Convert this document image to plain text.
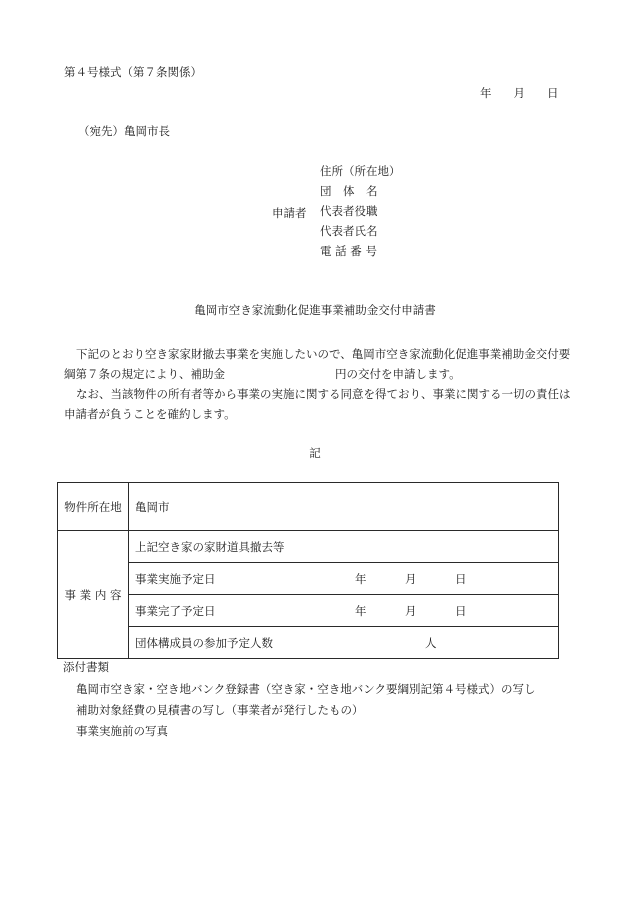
第４号様式（第７条関係）
年 月 日
（宛先）亀岡市長
申請者
住所（所在地）
団　体　名
代表者役職
代表者氏名
電 話 番 号
亀岡市空き家流動化促進事業補助金交付申請書
下記のとおり空き家家財撤去事業を実施したいので、亀岡市空き家流動化促進事業補助金交付要綱第７条の規定により、補助金	円の交付を申請します。
なお、当該物件の所有者等から事業の実施に関する同意を得ており、事業に関する一切の責任は申請者が負うことを確約します。
記
物件所在地	亀岡市
事 業 内 容	上記空き家の家財道具撤去等

	事業実施予定日 年 月 日

	事業完了予定日 年 月 日

	団体構成員の参加予定人数 人
添付書類
亀岡市空き家・空き地バンク登録書（空き家・空き地バンク要綱別記第４号様式）の写し
補助対象経費の見積書の写し（事業者が発行したもの）
事業実施前の写真
